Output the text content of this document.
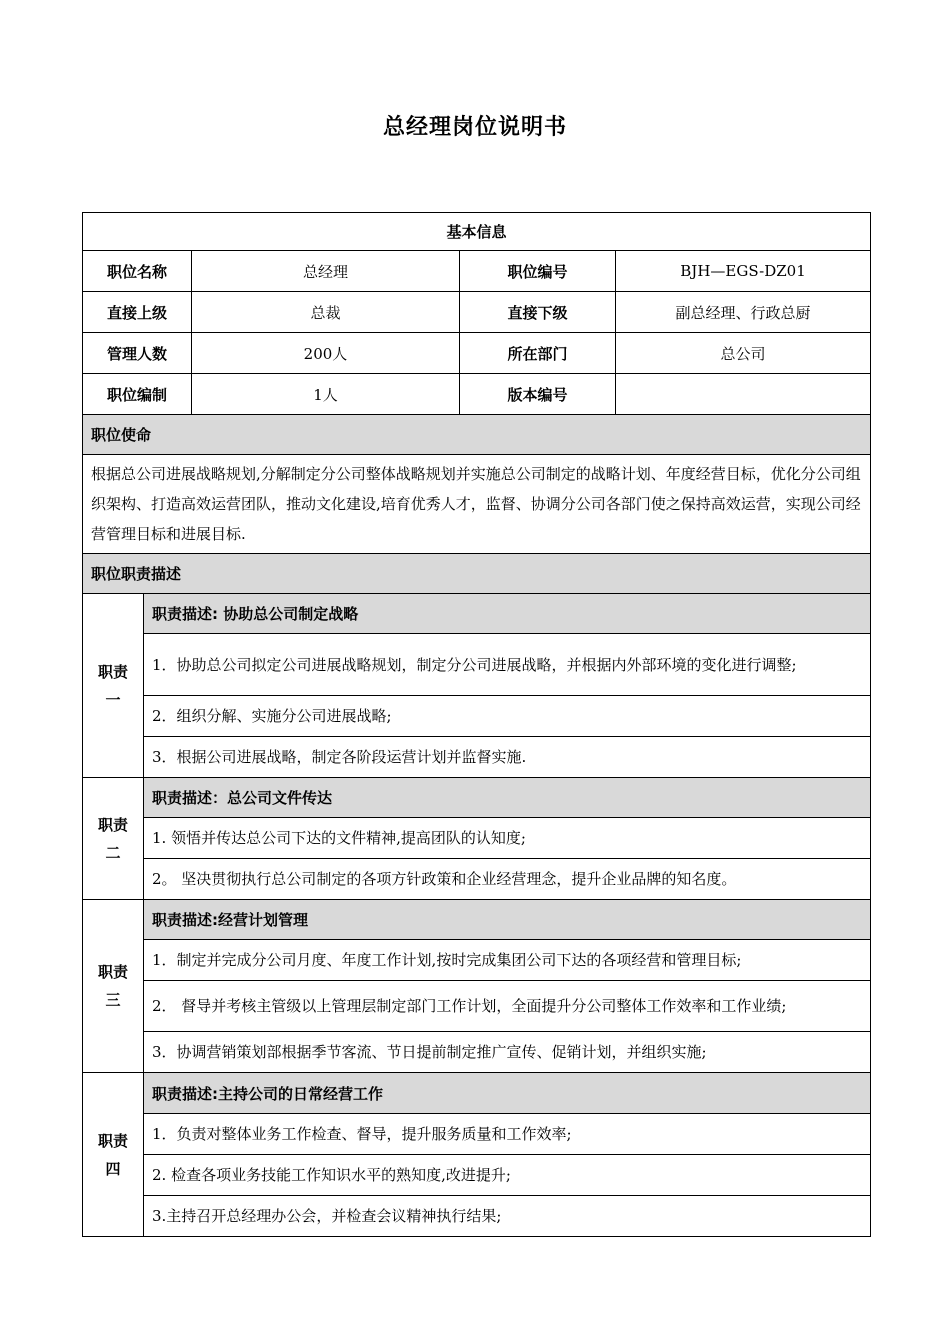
总经理岗位说明书
基本信息				
职位名称		总经理	职位编号	BJH—EGS-DZ01
直接上级		总裁	直接下级	副总经理、行政总厨
管理人数		200人	所在部门	总公司
职位编制		1人	版本编号	
职位使命				
根据总公司进展战略规划,分解制定分公司整体战略规划并实施总公司制定的战略计划、年度经营目标，优化分公司组织架构、打造高效运营团队，推动文化建设,培育优秀人才，监督、协调分公司各部门使之保持高效运营，实现公司经营管理目标和进展目标.				
职位职责描述				
职责
一	职责描述: 协助总公司制定战略			
	1．协助总公司拟定公司进展战略规划，制定分公司进展战略，并根据内外部环境的变化进行调整;			
	2．组织分解、实施分公司进展战略;			
	3．根据公司进展战略，制定各阶段运营计划并监督实施.			
职责
二	职责描述：总公司文件传达			
	1. 领悟并传达总公司下达的文件精神,提高团队的认知度;			
	2。 坚决贯彻执行总公司制定的各项方针政策和企业经营理念，提升企业品牌的知名度。			
职责
三	职责描述:经营计划管理			
	1．制定并完成分公司月度、年度工作计划,按时完成集团公司下达的各项经营和管理目标;			
	2． 督导并考核主管级以上管理层制定部门工作计划，全面提升分公司整体工作效率和工作业绩;			
	3．协调营销策划部根据季节客流、节日提前制定推广宣传、促销计划，并组织实施;			
职责
四	职责描述:主持公司的日常经营工作			
	1．负责对整体业务工作检查、督导，提升服务质量和工作效率;			
	2. 检查各项业务技能工作知识水平的熟知度,改进提升;			
	3.主持召开总经理办公会，并检查会议精神执行结果;			
